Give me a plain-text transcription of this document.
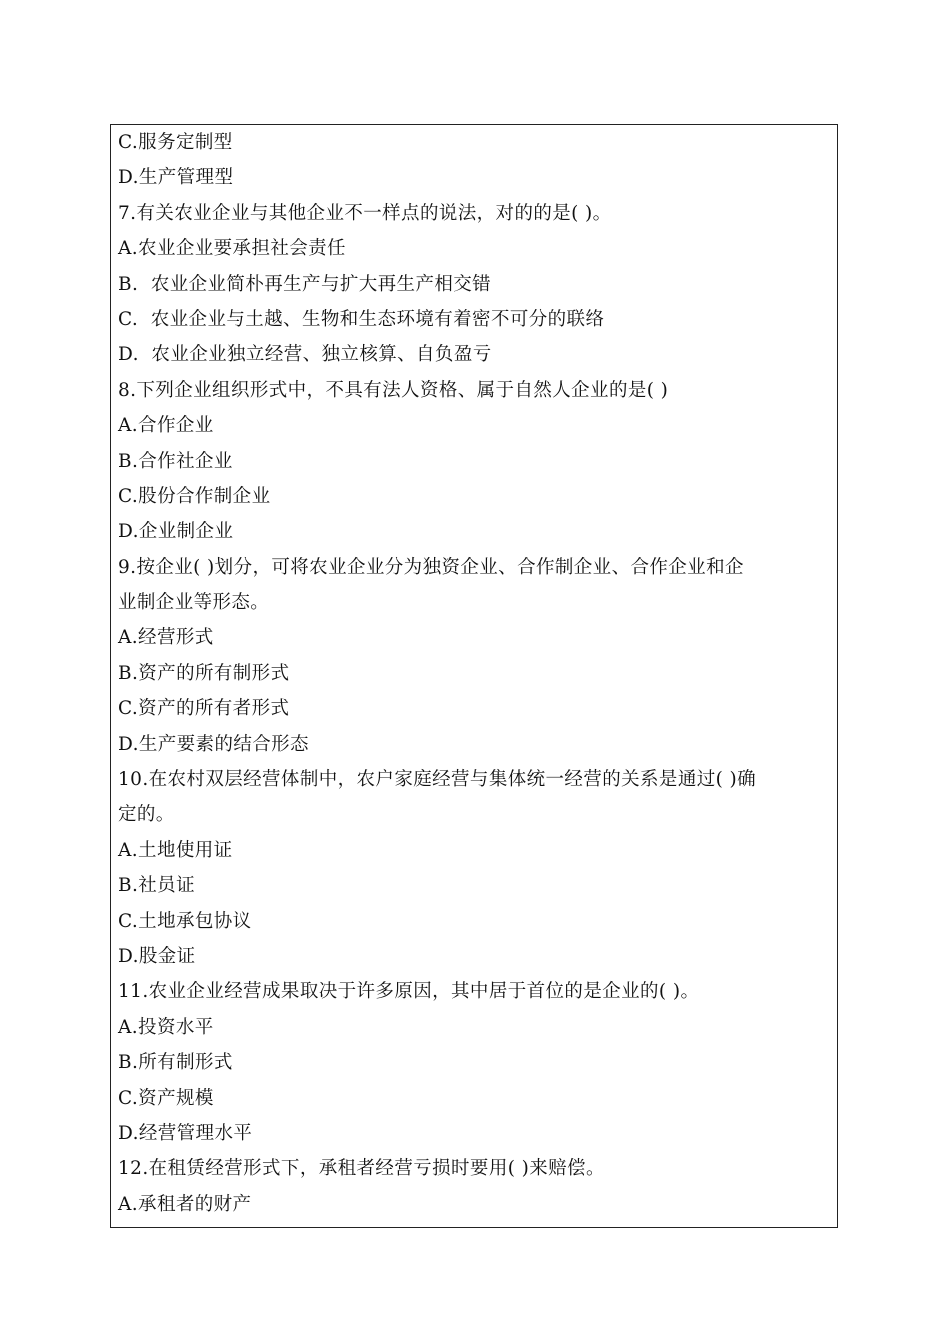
C.服务定制型
D.生产管理型
7.有关农业企业与其他企业不一样点的说法，对的的是( )。
A.农业企业要承担社会责任
B.  农业企业简朴再生产与扩大再生产相交错
C.  农业企业与土越、生物和生态环境有着密不可分的联络
D.  农业企业独立经营、独立核算、自负盈亏
8.下列企业组织形式中，不具有法人资格、属于自然人企业的是( )
A.合作企业
B.合作社企业
C.股份合作制企业
D.企业制企业
9.按企业( )划分，可将农业企业分为独资企业、合作制企业、合作企业和企
业制企业等形态。
A.经营形式
B.资产的所有制形式
C.资产的所有者形式
D.生产要素的结合形态
10.在农村双层经营体制中，农户家庭经营与集体统一经营的关系是通过( )确
定的。
A.土地使用证
B.社员证
C.土地承包协议
D.股金证
11.农业企业经营成果取决于许多原因，其中居于首位的是企业的( )。
A.投资水平
B.所有制形式
C.资产规模
D.经营管理水平
12.在租赁经营形式下，承租者经营亏损时要用( )来赔偿。
A.承租者的财产
